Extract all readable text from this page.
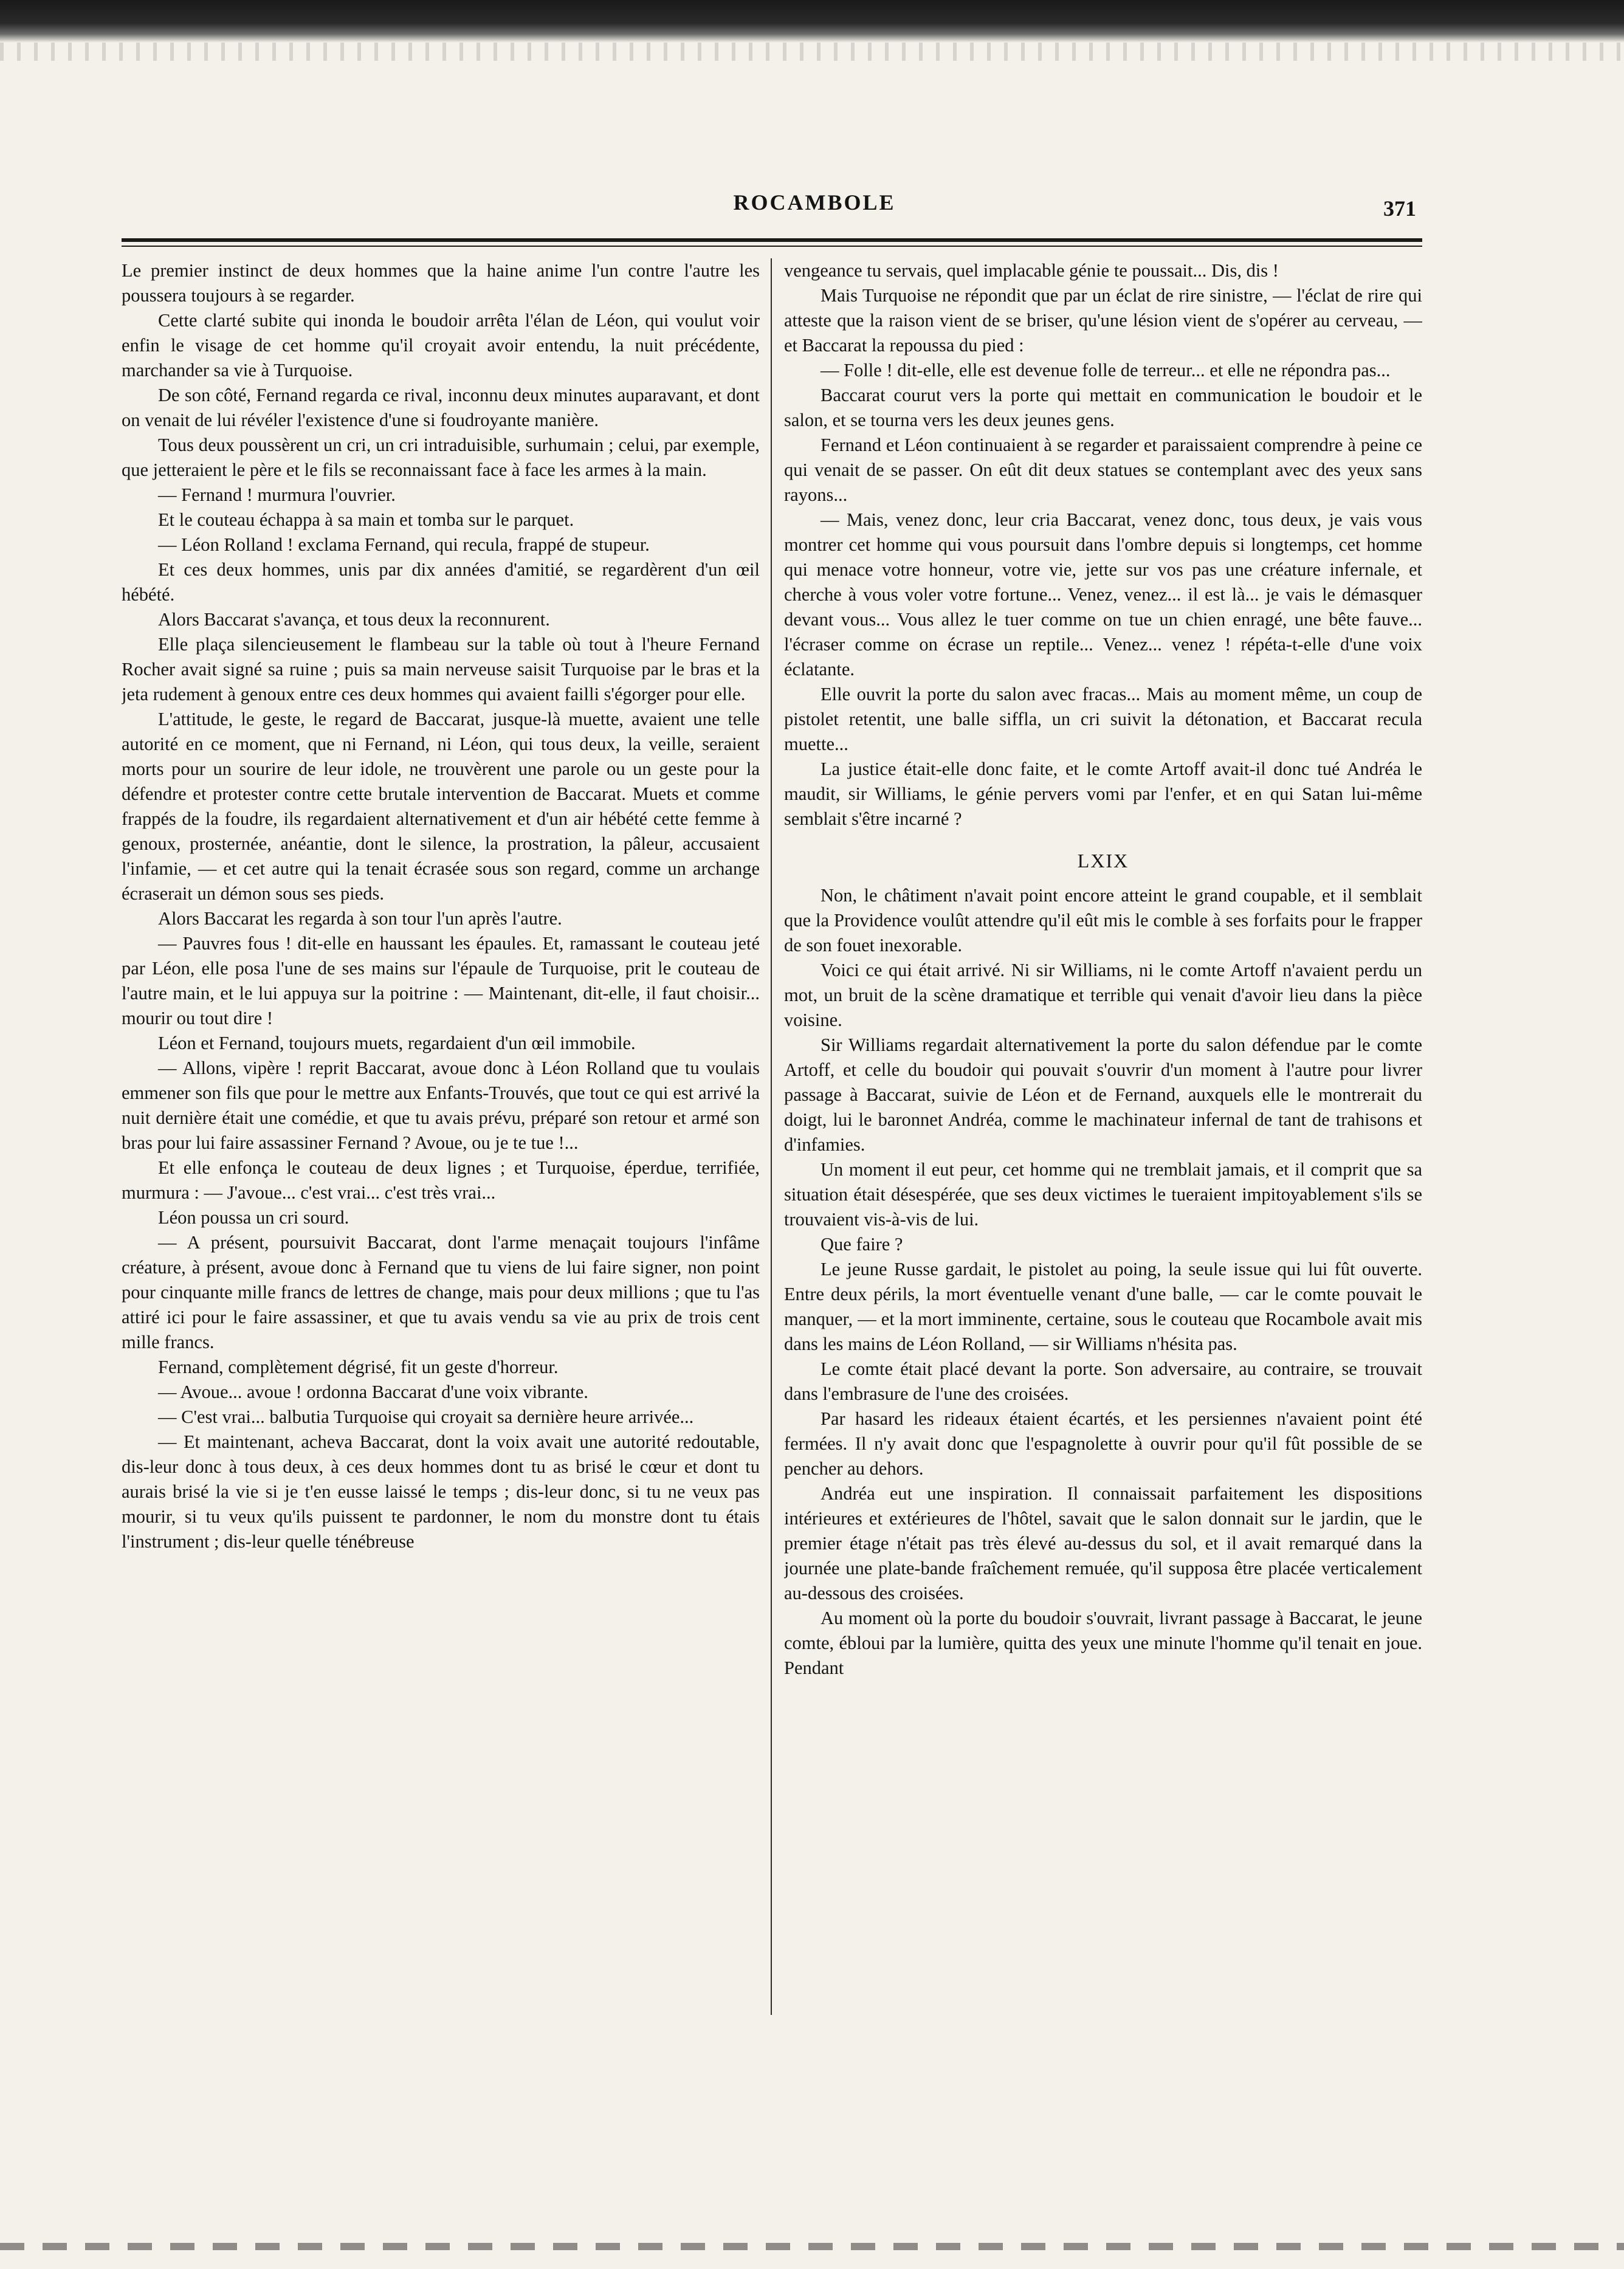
ROCAMBOLE	371

Le premier instinct de deux hommes que la haine anime l'un contre l'autre les poussera toujours à se regarder.

Cette clarté subite qui inonda le boudoir arrêta l'élan de Léon, qui voulut voir enfin le visage de cet homme qu'il croyait avoir entendu, la nuit précédente, marchander sa vie à Turquoise.

De son côté, Fernand regarda ce rival, inconnu deux minutes auparavant, et dont on venait de lui révéler l'existence d'une si foudroyante manière.

Tous deux poussèrent un cri, un cri intraduisible, surhumain ; celui, par exemple, que jetteraient le père et le fils se reconnaissant face à face les armes à la main.

— Fernand ! murmura l'ouvrier.

Et le couteau échappa à sa main et tomba sur le parquet.

— Léon Rolland ! exclama Fernand, qui recula, frappé de stupeur.

Et ces deux hommes, unis par dix années d'amitié, se regardèrent d'un œil hébété.

Alors Baccarat s'avança, et tous deux la reconnurent.

Elle plaça silencieusement le flambeau sur la table où tout à l'heure Fernand Rocher avait signé sa ruine ; puis sa main nerveuse saisit Turquoise par le bras et la jeta rudement à genoux entre ces deux hommes qui avaient failli s'égorger pour elle.

L'attitude, le geste, le regard de Baccarat, jusque-là muette, avaient une telle autorité en ce moment, que ni Fernand, ni Léon, qui tous deux, la veille, seraient morts pour un sourire de leur idole, ne trouvèrent une parole ou un geste pour la défendre et protester contre cette brutale intervention de Baccarat. Muets et comme frappés de la foudre, ils regardaient alternativement et d'un air hébété cette femme à genoux, prosternée, anéantie, dont le silence, la prostration, la pâleur, accusaient l'infamie, — et cet autre qui la tenait écrasée sous son regard, comme un archange écraserait un démon sous ses pieds.

Alors Baccarat les regarda à son tour l'un après l'autre.

— Pauvres fous ! dit-elle en haussant les épaules. Et, ramassant le couteau jeté par Léon, elle posa l'une de ses mains sur l'épaule de Turquoise, prit le couteau de l'autre main, et le lui appuya sur la poitrine : — Maintenant, dit-elle, il faut choisir... mourir ou tout dire !

Léon et Fernand, toujours muets, regardaient d'un œil immobile.

— Allons, vipère ! reprit Baccarat, avoue donc à Léon Rolland que tu voulais emmener son fils que pour le mettre aux Enfants-Trouvés, que tout ce qui est arrivé la nuit dernière était une comédie, et que tu avais prévu, préparé son retour et armé son bras pour lui faire assassiner Fernand ? Avoue, ou je te tue !...

Et elle enfonça le couteau de deux lignes ; et Turquoise, éperdue, terrifiée, murmura : — J'avoue... c'est vrai... c'est très vrai...

Léon poussa un cri sourd.

— A présent, poursuivit Baccarat, dont l'arme menaçait toujours l'infâme créature, à présent, avoue donc à Fernand que tu viens de lui faire signer, non point pour cinquante mille francs de lettres de change, mais pour deux millions ; que tu l'as attiré ici pour le faire assassiner, et que tu avais vendu sa vie au prix de trois cent mille francs.

Fernand, complètement dégrisé, fit un geste d'horreur.

— Avoue... avoue ! ordonna Baccarat d'une voix vibrante.

— C'est vrai... balbutia Turquoise qui croyait sa dernière heure arrivée...

— Et maintenant, acheva Baccarat, dont la voix avait une autorité redoutable, dis-leur donc à tous deux, à ces deux hommes dont tu as brisé le cœur et dont tu aurais brisé la vie si je t'en eusse laissé le temps ; dis-leur donc, si tu ne veux pas mourir, si tu veux qu'ils puissent te pardonner, le nom du monstre dont tu étais l'instrument ; dis-leur quelle ténébreuse

vengeance tu servais, quel implacable génie te poussait... Dis, dis !

Mais Turquoise ne répondit que par un éclat de rire sinistre, — l'éclat de rire qui atteste que la raison vient de se briser, qu'une lésion vient de s'opérer au cerveau, — et Baccarat la repoussa du pied :

— Folle ! dit-elle, elle est devenue folle de terreur... et elle ne répondra pas...

Baccarat courut vers la porte qui mettait en communication le boudoir et le salon, et se tourna vers les deux jeunes gens.

Fernand et Léon continuaient à se regarder et paraissaient comprendre à peine ce qui venait de se passer. On eût dit deux statues se contemplant avec des yeux sans rayons...

— Mais, venez donc, leur cria Baccarat, venez donc, tous deux, je vais vous montrer cet homme qui vous poursuit dans l'ombre depuis si longtemps, cet homme qui menace votre honneur, votre vie, jette sur vos pas une créature infernale, et cherche à vous voler votre fortune... Venez, venez... il est là... je vais le démasquer devant vous... Vous allez le tuer comme on tue un chien enragé, une bête fauve... l'écraser comme on écrase un reptile... Venez... venez ! répéta-t-elle d'une voix éclatante.

Elle ouvrit la porte du salon avec fracas... Mais au moment même, un coup de pistolet retentit, une balle siffla, un cri suivit la détonation, et Baccarat recula muette...

La justice était-elle donc faite, et le comte Artoff avait-il donc tué Andréa le maudit, sir Williams, le génie pervers vomi par l'enfer, et en qui Satan lui-même semblait s'être incarné ?

LXIX

Non, le châtiment n'avait point encore atteint le grand coupable, et il semblait que la Providence voulût attendre qu'il eût mis le comble à ses forfaits pour le frapper de son fouet inexorable.

Voici ce qui était arrivé. Ni sir Williams, ni le comte Artoff n'avaient perdu un mot, un bruit de la scène dramatique et terrible qui venait d'avoir lieu dans la pièce voisine.

Sir Williams regardait alternativement la porte du salon défendue par le comte Artoff, et celle du boudoir qui pouvait s'ouvrir d'un moment à l'autre pour livrer passage à Baccarat, suivie de Léon et de Fernand, auxquels elle le montrerait du doigt, lui le baronnet Andréa, comme le machinateur infernal de tant de trahisons et d'infamies.

Un moment il eut peur, cet homme qui ne tremblait jamais, et il comprit que sa situation était désespérée, que ses deux victimes le tueraient impitoyablement s'ils se trouvaient vis-à-vis de lui.

Que faire ?

Le jeune Russe gardait, le pistolet au poing, la seule issue qui lui fût ouverte. Entre deux périls, la mort éventuelle venant d'une balle, — car le comte pouvait le manquer, — et la mort imminente, certaine, sous le couteau que Rocambole avait mis dans les mains de Léon Rolland, — sir Williams n'hésita pas.

Le comte était placé devant la porte. Son adversaire, au contraire, se trouvait dans l'embrasure de l'une des croisées.

Par hasard les rideaux étaient écartés, et les persiennes n'avaient point été fermées. Il n'y avait donc que l'espagnolette à ouvrir pour qu'il fût possible de se pencher au dehors.

Andréa eut une inspiration. Il connaissait parfaitement les dispositions intérieures et extérieures de l'hôtel, savait que le salon donnait sur le jardin, que le premier étage n'était pas très élevé au-dessus du sol, et il avait remarqué dans la journée une plate-bande fraîchement remuée, qu'il supposa être placée verticalement au-dessous des croisées.

Au moment où la porte du boudoir s'ouvrait, livrant passage à Baccarat, le jeune comte, ébloui par la lumière, quitta des yeux une minute l'homme qu'il tenait en joue. Pendant
